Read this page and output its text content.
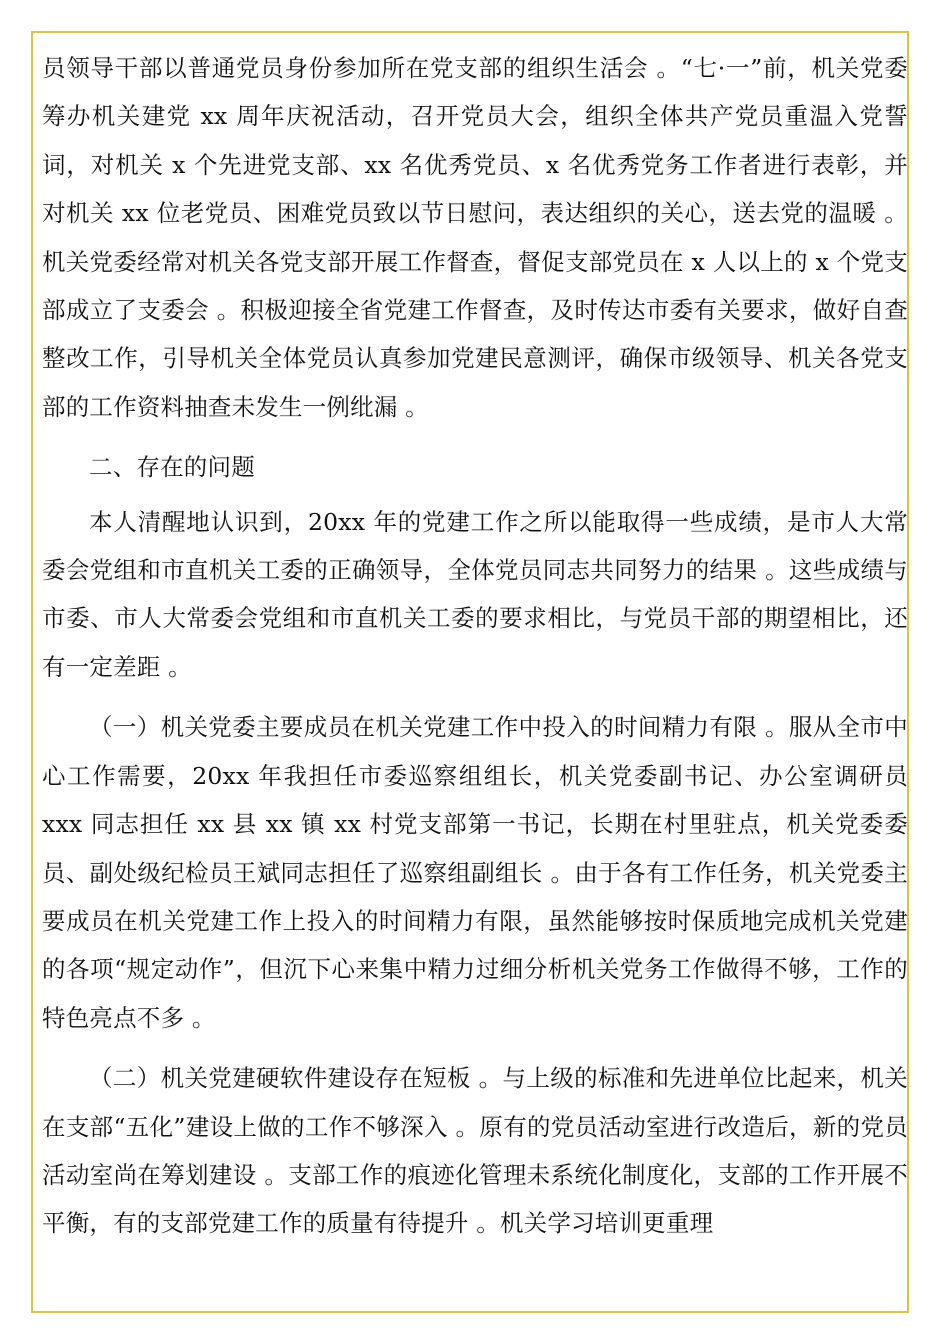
员领导干部以普通党员身份参加所在党支部的组织生活会 。“七·一”前，机关党委筹办机关建党 xx 周年庆祝活动，召开党员大会，组织全体共产党员重温入党誓词，对机关 x 个先进党支部、xx 名优秀党员、x 名优秀党务工作者进行表彰，并对机关 xx 位老党员、困难党员致以节日慰问，表达组织的关心，送去党的温暖 。机关党委经常对机关各党支部开展工作督查，督促支部党员在 x 人以上的 x 个党支部成立了支委会 。积极迎接全省党建工作督查，及时传达市委有关要求，做好自查整改工作，引导机关全体党员认真参加党建民意测评，确保市级领导、机关各党支部的工作资料抽查未发生一例纰漏 。

二、存在的问题

本人清醒地认识到，20xx 年的党建工作之所以能取得一些成绩，是市人大常委会党组和市直机关工委的正确领导，全体党员同志共同努力的结果 。这些成绩与市委、市人大常委会党组和市直机关工委的要求相比，与党员干部的期望相比，还有一定差距 。

（一）机关党委主要成员在机关党建工作中投入的时间精力有限 。服从全市中心工作需要，20xx 年我担任市委巡察组组长，机关党委副书记、办公室调研员 xxx 同志担任 xx 县 xx 镇 xx 村党支部第一书记，长期在村里驻点，机关党委委员、副处级纪检员王斌同志担任了巡察组副组长 。由于各有工作任务，机关党委主要成员在机关党建工作上投入的时间精力有限，虽然能够按时保质地完成机关党建的各项“规定动作”，但沉下心来集中精力过细分析机关党务工作做得不够，工作的特色亮点不多 。

（二）机关党建硬软件建设存在短板 。与上级的标准和先进单位比起来，机关在支部“五化”建设上做的工作不够深入 。原有的党员活动室进行改造后，新的党员活动室尚在筹划建设 。支部工作的痕迹化管理未系统化制度化，支部的工作开展不平衡，有的支部党建工作的质量有待提升 。机关学习培训更重理
